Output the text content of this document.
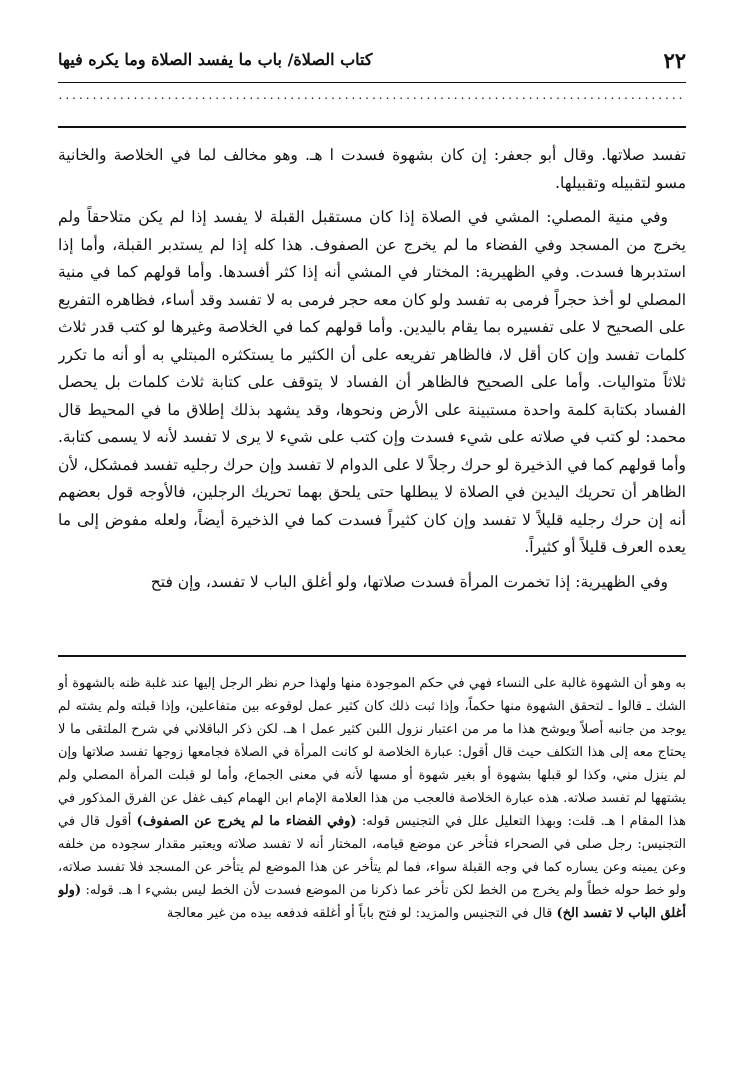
٢٢
كتاب الصلاة/ باب ما يفسد الصلاة وما يكره فيها
............................................................................................

تفسد صلاتها. وقال أبو جعفر: إن كان بشهوة فسدت ا هـ. وهو مخالف لما في الخلاصة والخانية مسو لتقبيله وتقبيلها.

وفي منية المصلي: المشي في الصلاة إذا كان مستقبل القبلة لا يفسد إذا لم يكن متلاحقاً ولم يخرج من المسجد وفي الفضاء ما لم يخرج عن الصفوف. هذا كله إذا لم يستدبر القبلة، وأما إذا استدبرها فسدت. وفي الظهيرية: المختار في المشي أنه إذا كثر أفسدها. وأما قولهم كما في منية المصلي لو أخذ حجراً فرمى به تفسد ولو كان معه حجر فرمى به لا تفسد وقد أساء، فظاهره التفريع على الصحيح لا على تفسيره بما يقام باليدين. وأما قولهم كما في الخلاصة وغيرها لو كتب قدر ثلاث كلمات تفسد وإن كان أقل لا، فالظاهر تفريعه على أن الكثير ما يستكثره المبتلي به أو أنه ما تكرر ثلاثاً متواليات. وأما على الصحيح فالظاهر أن الفساد لا يتوقف على كتابة ثلاث كلمات بل يحصل الفساد بكتابة كلمة واحدة مستبينة على الأرض ونحوها، وقد يشهد بذلك إطلاق ما في المحيط قال محمد: لو كتب في صلاته على شيء فسدت وإن كتب على شيء لا يرى لا تفسد لأنه لا يسمى كتابة. وأما قولهم كما في الذخيرة لو حرك رجلاً لا على الدوام لا تفسد وإن حرك رجليه تفسد فمشكل، لأن الظاهر أن تحريك اليدين في الصلاة لا يبطلها حتى يلحق بهما تحريك الرجلين، فالأوجه قول بعضهم أنه إن حرك رجليه قليلاً لا تفسد وإن كان كثيراً فسدت كما في الذخيرة أيضاً، ولعله مفوض إلى ما يعده العرف قليلاً أو كثيراً.

وفي الظهيرية: إذا تخمرت المرأة فسدت صلاتها، ولو أغلق الباب لا تفسد، وإن فتح

به وهو أن الشهوة غالبة على النساء فهي في حكم الموجودة منها ولهذا حرم نظر الرجل إليها عند غلبة ظنه بالشهوة أو الشك ـ قالوا ـ لتحقق الشهوة منها حكماً، وإذا ثبت ذلك كان كثير عمل لوقوعه بين متفاعلين، وإذا قبلته ولم يشته لم يوجد من جانبه أصلاً ويوشح هذا ما مر من اعتبار نزول اللبن كثير عمل ا هـ. لكن ذكر الباقلاني في شرح الملتقى ما لا يحتاج معه إلى هذا التكلف حيث قال أقول: عبارة الخلاصة لو كانت المرأة في الصلاة فجامعها زوجها تفسد صلاتها وإن لم ينزل مني، وكذا لو قبلها بشهوة أو بغير شهوة أو مسها لأنه في معنى الجماع، وأما لو قبلت المرأة المصلي ولم يشتهها لم تفسد صلاته. هذه عبارة الخلاصة فالعجب من هذا العلامة الإمام ابن الهمام كيف غفل عن الفرق المذكور في هذا المقام ا هـ. قلت: وبهذا التعليل علل في التجنيس قوله: (وفي الفضاء ما لم يخرج عن الصفوف) أقول قال في التجنيس: رجل صلى في الصحراء فتأخر عن موضع قيامه، المختار أنه لا تفسد صلاته ويعتبر مقدار سجوده من خلفه وعن يمينه وعن يساره كما في وجه القبلة سواء، فما لم يتأخر عن هذا الموضع لم يتأخر عن المسجد فلا تفسد صلاته، ولو خط حوله خطاً ولم يخرج من الخط لكن تأخر عما ذكرنا من الموضع فسدت لأن الخط ليس بشيء ا هـ. قوله: (ولو أغلق الباب لا تفسد الخ) قال في التجنيس والمزيد: لو فتح باباً أو أغلقه فدفعه بيده من غير معالجة
